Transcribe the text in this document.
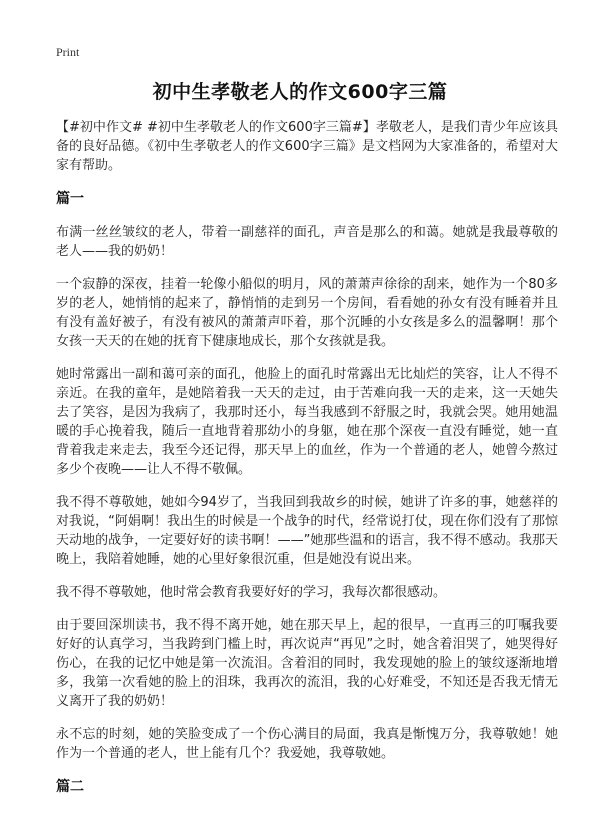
Print
初中生孝敬老人的作文600字三篇

【#初中作文# #初中生孝敬老人的作文600字三篇#】孝敬老人，是我们青少年应该具备的良好品德。《初中生孝敬老人的作文600字三篇》是文档网为大家准备的，希望对大家有帮助。

篇一

布满一丝丝皱纹的老人，带着一副慈祥的面孔，声音是那么的和蔼。她就是我最尊敬的老人——我的奶奶！

一个寂静的深夜，挂着一轮像小船似的明月，风的萧萧声徐徐的刮来，她作为一个80多岁的老人，她悄悄的起来了，静悄悄的走到另一个房间，看看她的孙女有没有睡着并且有没有盖好被子，有没有被风的萧萧声吓着，那个沉睡的小女孩是多么的温馨啊！那个女孩一天天的在她的抚育下健康地成长，那个女孩就是我。

她时常露出一副和蔼可亲的面孔，他脸上的面孔时常露出无比灿烂的笑容，让人不得不亲近。在我的童年，是她陪着我一天天的走过，由于苦难向我一天的走来，这一天她失去了笑容，是因为我病了，我那时还小，每当我感到不舒服之时，我就会哭。她用她温暖的手心挽着我，随后一直地背着那幼小的身躯，她在那个深夜一直没有睡觉，她一直背着我走来走去，我至今还记得，那天早上的血丝，作为一个普通的老人，她曾今熬过多少个夜晚——让人不得不敬佩。

我不得不尊敬她，她如今94岁了，当我回到我故乡的时候，她讲了许多的事，她慈祥的对我说，“阿娟啊！我出生的时候是一个战争的时代，经常说打仗，现在你们没有了那惊天动地的战争，一定要好好的读书啊！——”她那些温和的语言，我不得不感动。我那天晚上，我陪着她睡，她的心里好象很沉重，但是她没有说出来。

我不得不尊敬她，他时常会教育我要好好的学习，我每次都很感动。

由于要回深圳读书，我不得不离开她，她在那天早上，起的很早，一直再三的叮嘱我要好好的认真学习，当我跨到门槛上时，再次说声“再见”之时，她含着泪哭了，她哭得好伤心，在我的记忆中她是第一次流泪。含着泪的同时，我发现她的脸上的皱纹逐渐地增多，我第一次看她的脸上的泪珠，我再次的流泪，我的心好难受，不知还是否我无情无义离开了我的奶奶！

永不忘的时刻，她的笑脸变成了一个伤心满目的局面，我真是惭愧万分，我尊敬她！她作为一个普通的老人，世上能有几个？我爱她，我尊敬她。

篇二
